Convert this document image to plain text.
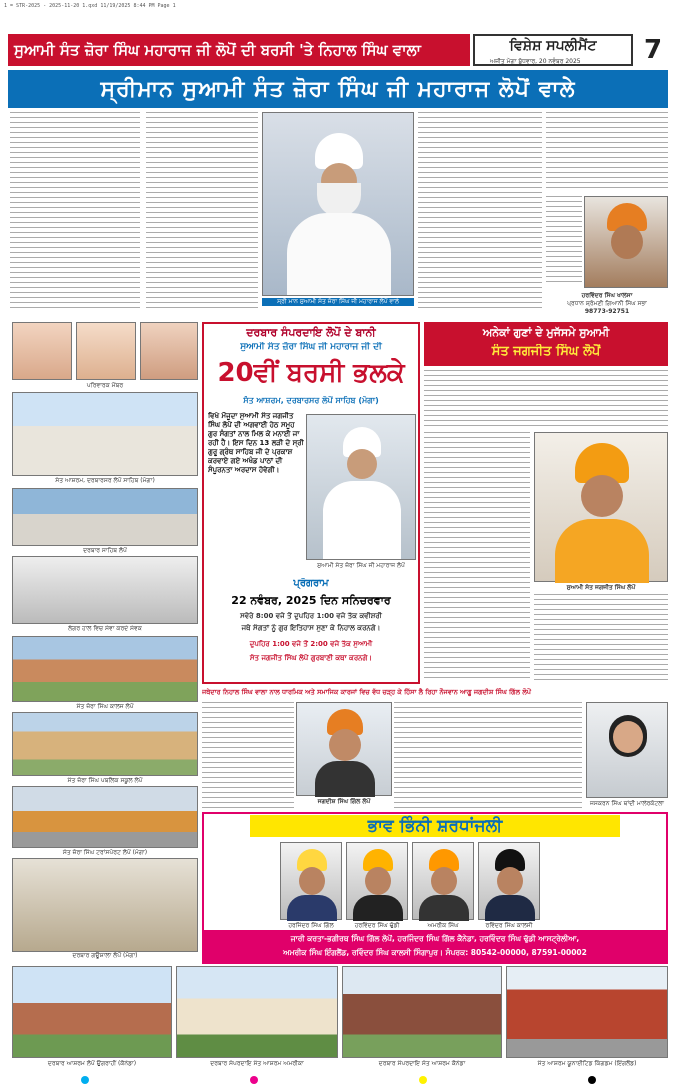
1 = STR-2025 - 2025-11-20 1.qxd 11/19/2025 8:44 PM Page 1
ਸੁਆਮੀ ਸੰਤ ਜ਼ੋਰਾ ਸਿੰਘ ਮਹਾਰਾਜ ਜੀ ਲੋਪੋਂ ਦੀ ਬਰਸੀ 'ਤੇ ਨਿਹਾਲ ਸਿੰਘ ਵਾਲਾ	ਵਿਸ਼ੇਸ਼ ਸਪਲੀਮੈਂਟ
ਅਜੀਤ ਮੋਗਾ ਬੁੱਧਵਾਰ, 20 ਨਵੰਬਰ 2025	7
ਸ੍ਰੀਮਾਨ ਸੁਆਮੀ ਸੰਤ ਜ਼ੋਰਾ ਸਿੰਘ ਜੀ ਮਹਾਰਾਜ ਲੋਪੋਂ ਵਾਲੇ
ਸ੍ਰੀ ਮਾਨ ਸੁਆਮੀ ਸੰਤ ਜ਼ੋਰਾ ਸਿੰਘ ਜੀ ਮਹਾਰਾਜ ਲੋਪੋਂ ਵਾਲੇ
ਹਰਵਿੰਦਰ ਸਿੰਘ ਖਾਲਸਾ
ਪ੍ਰਧਾਨ ਸ਼੍ਰੋਮਣੀ ਗਿਆਨੀ ਸਿੰਘ ਸਭਾ
98773-92751
ਪਰਿਵਾਰਕ ਮੈਂਬਰ
ਸੰਤ ਆਸ਼ਰਮ, ਦਰਬਾਰਸਰ ਲੋਪੋਂ ਸਾਹਿਬ (ਮੋਗਾ)
ਦਰਬਾਰ ਸਾਹਿਬ ਲੋਪੋਂ
ਲੰਗਰ ਹਾਲ ਵਿਚ ਸੇਵਾ ਕਰਦੇ ਸੇਵਕ
ਸੰਤ ਜ਼ੋਰਾ ਸਿੰਘ ਕਾਲਜ ਲੋਪੋਂ
ਸੰਤ ਜ਼ੋਰਾ ਸਿੰਘ ਪਬਲਿਕ ਸਕੂਲ ਲੋਪੋਂ
ਸੰਤ ਜ਼ੋਰਾ ਸਿੰਘ ਟਰਾਂਸਪੋਰਟ ਲੋਪੋਂ (ਮੋਗਾ)
ਦਰਬਾਰ ਗਊਸ਼ਾਲਾ ਲੋਪੋਂ (ਮੋਗਾ)
ਦਰਬਾਰ ਸੰਪਰਦਾਇ ਲੋਪੋਂ ਦੇ ਬਾਨੀ
ਸੁਆਮੀ ਸੰਤ ਜ਼ੋਰਾ ਸਿੰਘ ਜੀ ਮਹਾਰਾਜ ਜੀ ਦੀ
20ਵੀਂ ਬਰਸੀ ਭਲਕੇ
ਸੰਤ ਆਸ਼ਰਮ, ਦਰਬਾਰਸਰ ਲੋਪੋਂ ਸਾਹਿਬ (ਮੋਗਾ)
ਵਿਖੇ ਮੌਜੂਦਾ ਸੁਆਮੀ ਸੰਤ ਜਗਜੀਤ ਸਿੰਘ ਲੋਪੋਂ ਦੀ ਅਗਵਾਈ ਹੇਠ ਸਮੂਹ ਗੁਰ ਸੰਗਤਾਂ ਨਾਲ ਮਿਲ ਕੇ ਮਨਾਈ ਜਾ ਰਹੀ ਹੈ। ਇਸ ਦਿਨ 13 ਲੜੀ ਦੇ ਸ੍ਰੀ ਗੁਰੂ ਗ੍ਰੰਥ ਸਾਹਿਬ ਜੀ ਦੇ ਪ੍ਰਕਾਸ਼ ਕਰਵਾਏ ਗਏ ਅਖੰਡ ਪਾਠਾਂ ਦੀ ਸੰਪੂਰਨਤਾ ਅਰਦਾਸ ਹੋਵੇਗੀ।
ਸੁਆਮੀ ਸੰਤ ਜ਼ੋਰਾ ਸਿੰਘ ਜੀ ਮਹਾਰਾਜ ਲੋਪੋਂ
ਪ੍ਰੋਗਰਾਮ
22 ਨਵੰਬਰ, 2025 ਦਿਨ ਸਨਿਚਰਵਾਰ
ਸਵੇਰੇ 8:00 ਵਜੇ ਤੋਂ ਦੁਪਹਿਰ 1:00 ਵਜੇ ਤੱਕ ਕਵੀਸ਼ਰੀ
ਜਥੇ ਸੰਗਤਾਂ ਨੂੰ ਗੁਰ ਇਤਿਹਾਸ ਸੁਣਾ ਕੇ ਨਿਹਾਲ ਕਰਨਗੇ।
ਦੁਪਹਿਰ 1:00 ਵਜੇ ਤੋਂ 2:00 ਵਜੇ ਤੱਕ ਸੁਆਮੀ
ਸੰਤ ਜਗਜੀਤ ਸਿੰਘ ਲੋਪੋਂ ਗੁਰਬਾਣੀ ਕਥਾ ਕਰਨਗੇ।
ਅਨੇਕਾਂ ਗੁਣਾਂ ਦੇ ਮੁਜੱਸਮੇ ਸੁਆਮੀ
ਸੰਤ ਜਗਜੀਤ ਸਿੰਘ ਲੋਪੋਂ
ਸੁਆਮੀ ਸੰਤ ਜਗਜੀਤ ਸਿੰਘ ਲੋਪੋਂ
ਜਥੇਦਾਰ ਨਿਹਾਲ ਸਿੰਘ ਵਾਲਾ ਨਾਲ ਧਾਰਮਿਕ ਅਤੇ ਸਮਾਜਿਕ ਕਾਰਜਾਂ ਵਿਚ ਵੱਧ ਚੜ੍ਹ ਕੇ ਹਿੱਸਾ ਲੈ ਰਿਹਾ ਨੌਜਵਾਨ ਆਗੂ ਜਗਦੀਸ਼ ਸਿੰਘ ਗਿੱਲ ਲੋਪੋਂ
ਜਗਦੀਸ਼ ਸਿੰਘ ਗਿੱਲ ਲੋਪੋਂ	ਜਸਕਰਨ ਸਿੰਘ ਥਾਂਦੀ ਮਾਲੇਰਕੋਟਲਾ
ਭਾਵ ਭਿੰਨੀ ਸ਼ਰਧਾਂਜਲੀ
ਹਰਜਿੰਦਰ ਸਿੰਘ ਗਿੱਲ	ਹਰਵਿੰਦਰ ਸਿੰਘ ਢੁੱਡੀ	ਅਮਰੀਕ ਸਿੰਘ	ਰਵਿੰਦਰ ਸਿੰਘ ਕਾਲਸੀ
ਜਾਰੀ ਕਰਤਾ-ਭਗੀਰਥ ਸਿੰਘ ਗਿੱਲ ਲੋਪੋਂ, ਹਰਜਿੰਦਰ ਸਿੰਘ ਗਿੱਲ ਕੈਨੇਡਾ, ਹਰਵਿੰਦਰ ਸਿੰਘ ਢੁੱਡੀ ਆਸਟ੍ਰੇਲੀਆ,
ਅਮਰੀਕ ਸਿੰਘ ਇੰਗਲੈਂਡ, ਰਵਿੰਦਰ ਸਿੰਘ ਕਾਲਸੀ ਸਿੰਗਾਪੁਰ। ਸੰਪਰਕ: 80542-00000, 87591-00002
ਦਰਬਾਰ ਆਸ਼ਰਮ ਲੋਪੋਂ ਉਗਰਾਹੀਂ (ਕੈਨੇਡਾ)	ਦਰਬਾਰ ਸੰਪਰਦਾਇ ਸੰਤ ਆਸ਼ਰਮ ਅਮਰੀਕਾ	ਦਰਬਾਰ ਸੰਪਰਦਾਇ ਸੰਤ ਆਸ਼ਰਮ ਕੈਨੇਡਾ	ਸੰਤ ਆਸ਼ਰਮ ਯੂਨਾਈਟਿਡ ਕਿੰਗਡਮ (ਇੰਗਲੈਂਡ)
